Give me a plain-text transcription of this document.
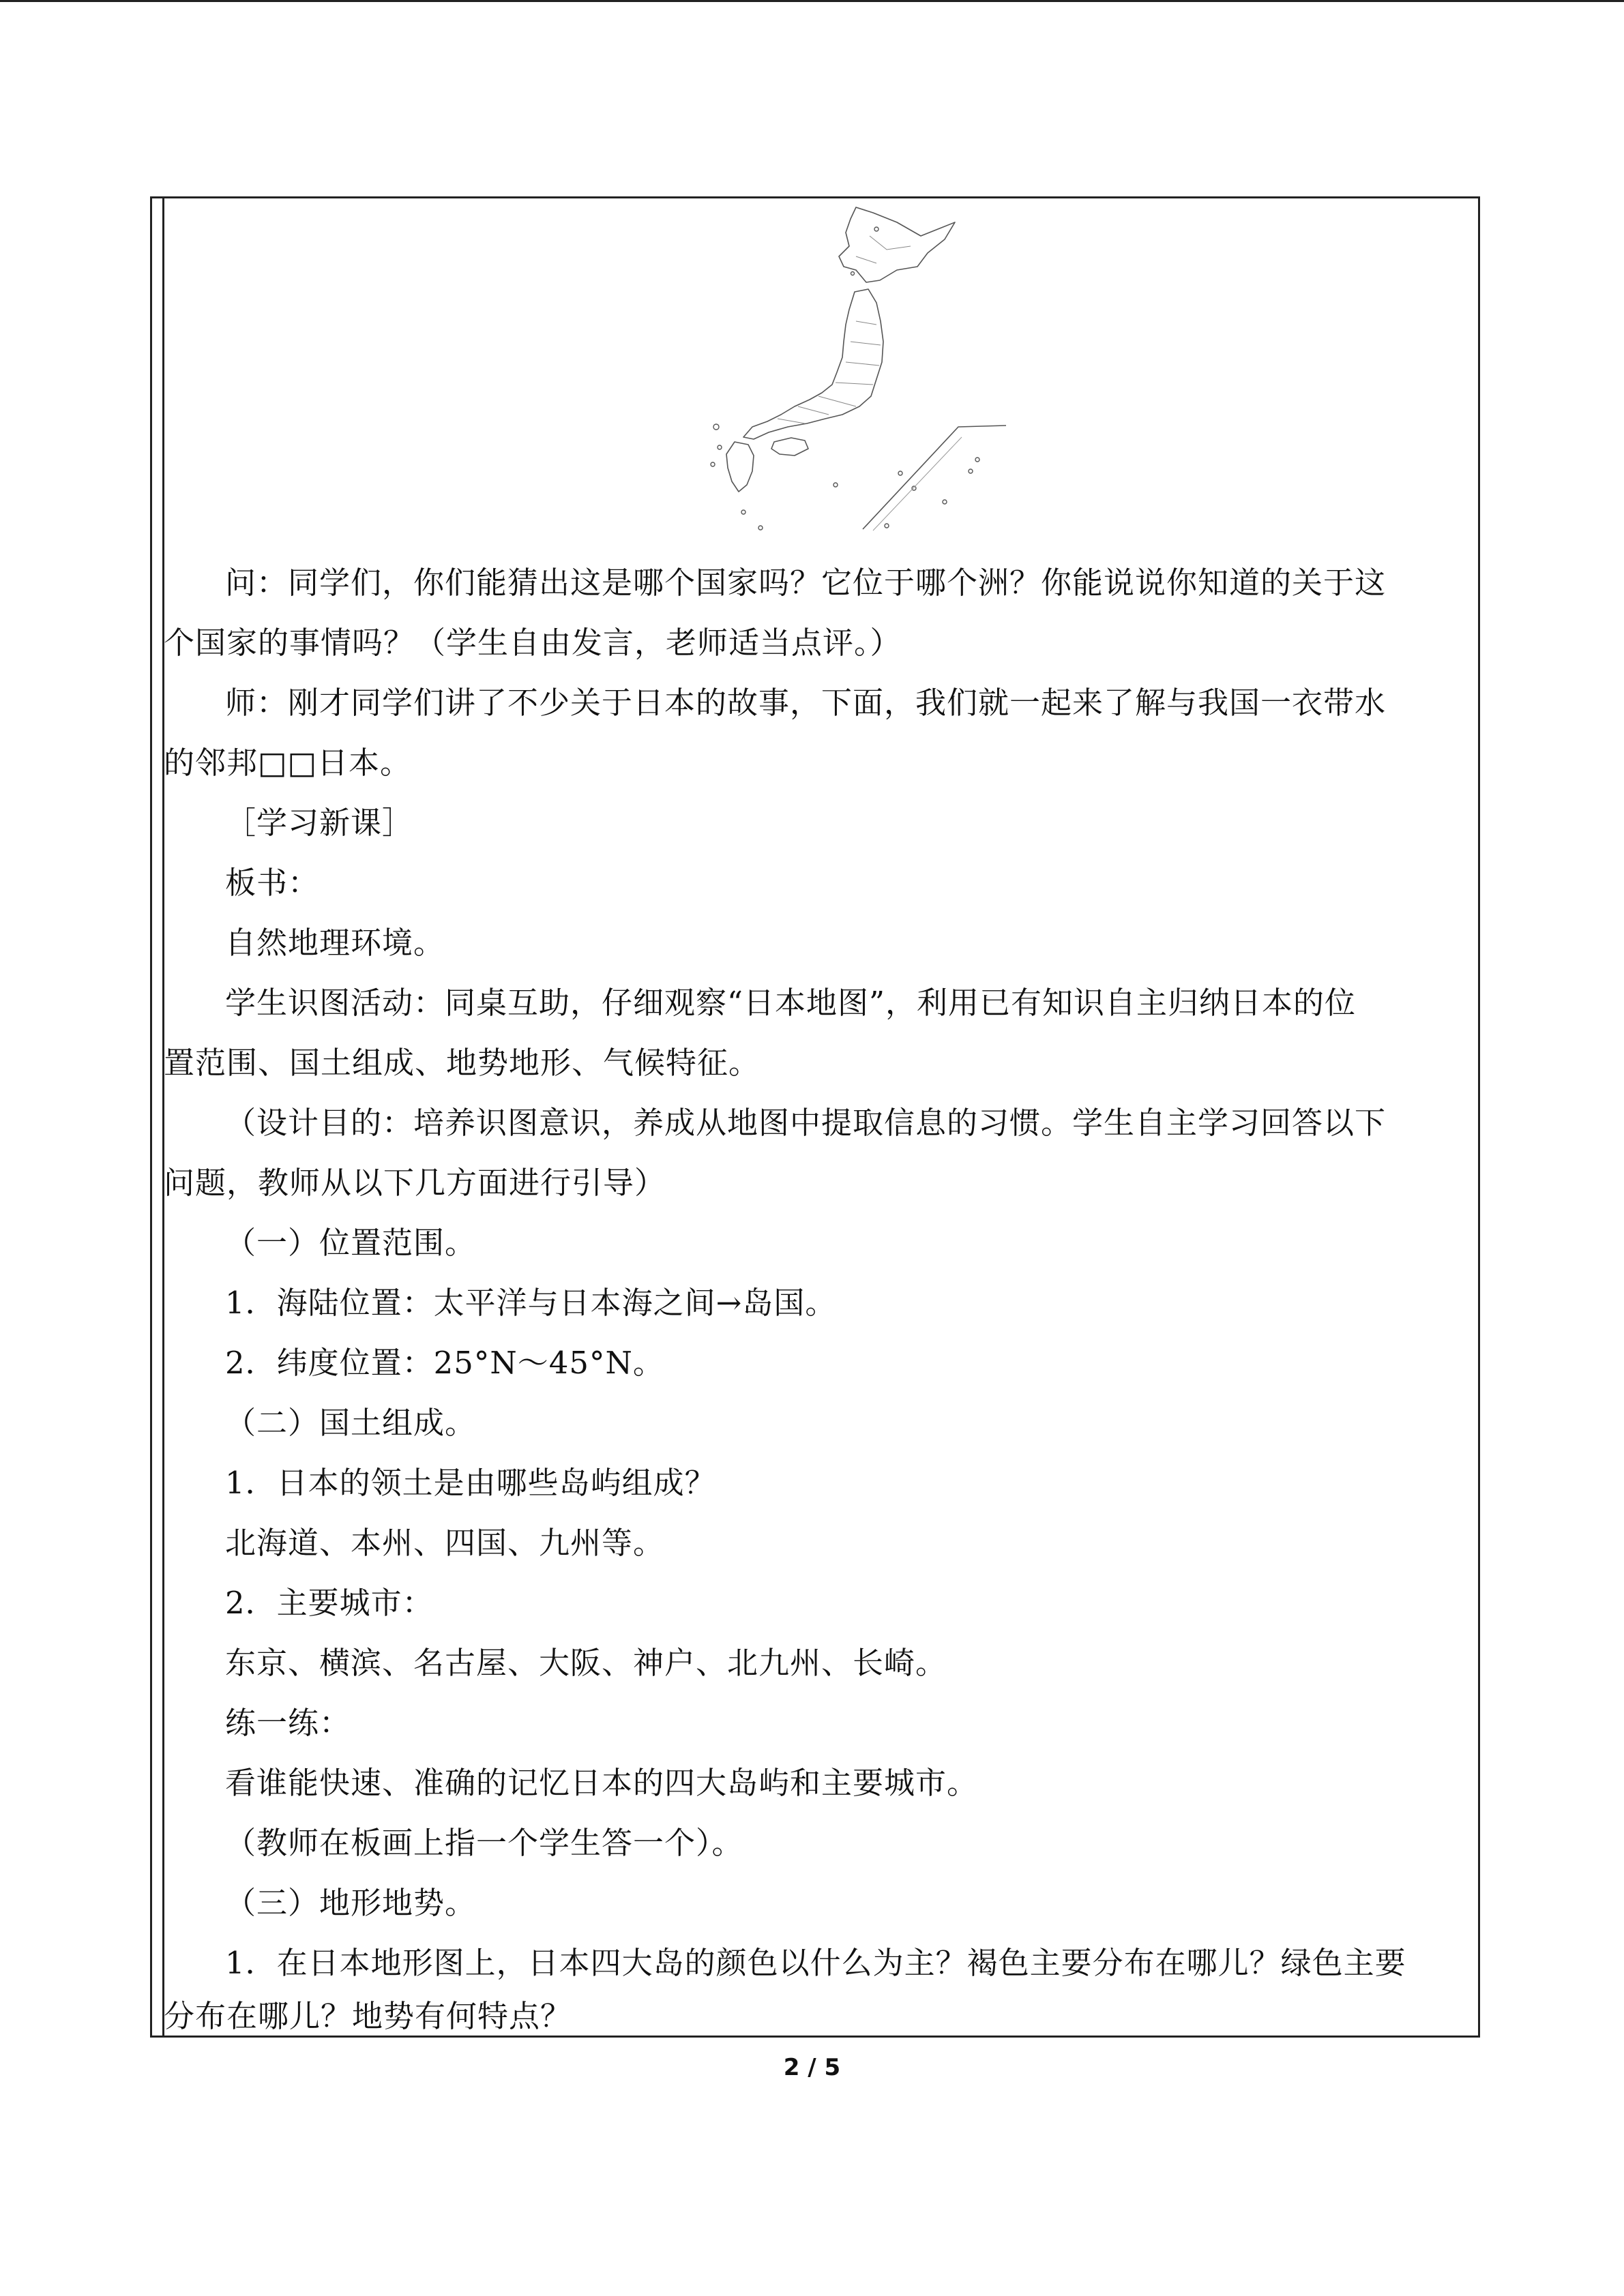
问：同学们，你们能猜出这是哪个国家吗？它位于哪个洲？你能说说你知道的关于这
个国家的事情吗？（学生自由发言，老师适当点评。）
师：刚才同学们讲了不少关于日本的故事，下面，我们就一起来了解与我国一衣带水
的邻邦□□日本。
［学习新课］
板书：
自然地理环境。
学生识图活动：同桌互助，仔细观察“日本地图”，利用已有知识自主归纳日本的位
置范围、国土组成、地势地形、气候特征。
（设计目的：培养识图意识，养成从地图中提取信息的习惯。学生自主学习回答以下
问题，教师从以下几方面进行引导）
（一）位置范围。
1．海陆位置：太平洋与日本海之间→岛国。
2．纬度位置：25°N～45°N。
（二）国土组成。
1．日本的领土是由哪些岛屿组成？
北海道、本州、四国、九州等。
2．主要城市：
东京、横滨、名古屋、大阪、神户、北九州、长崎。
练一练：
看谁能快速、准确的记忆日本的四大岛屿和主要城市。
（教师在板画上指一个学生答一个）。
（三）地形地势。
1．在日本地形图上，日本四大岛的颜色以什么为主？褐色主要分布在哪儿？绿色主要
分布在哪儿？地势有何特点？
2 / 5
